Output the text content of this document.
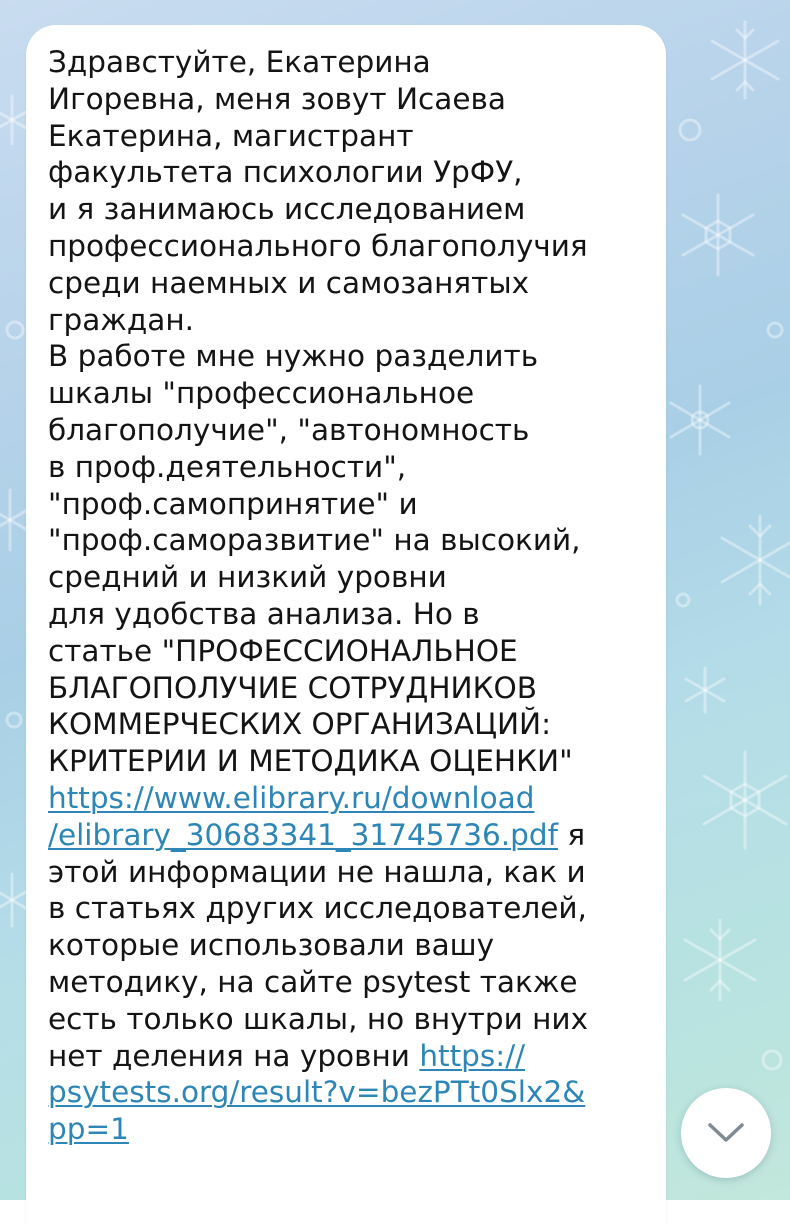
Здравстуйте, Екатерина
Игоревна, меня зовут Исаева
Екатерина, магистрант
факультета психологии УрФУ,
и я занимаюсь исследованием
профессионального благополучия
среди наемных и самозанятых
граждан.
В работе мне нужно разделить
шкалы "профессиональное
благополучие", "автономность
в проф.деятельности",
"проф.самопринятие" и
"проф.саморазвитие" на высокий,
средний и низкий уровни
для удобства анализа. Но в
статье "ПРОФЕССИОНАЛЬНОЕ
БЛАГОПОЛУЧИЕ СОТРУДНИКОВ
КОММЕРЧЕСКИХ ОРГАНИЗАЦИЙ:
КРИТЕРИИ И МЕТОДИКА ОЦЕНКИ"
https://www.elibrary.ru/download
/elibrary_30683341_31745736.pdf я
этой информации не нашла, как и
в статьях других исследователей,
которые использовали вашу
методику, на сайте psytest также
есть только шкалы, но внутри них
нет деления на уровни https://
psytests.org/result?v=bezPTt0Slx2&
pp=1
